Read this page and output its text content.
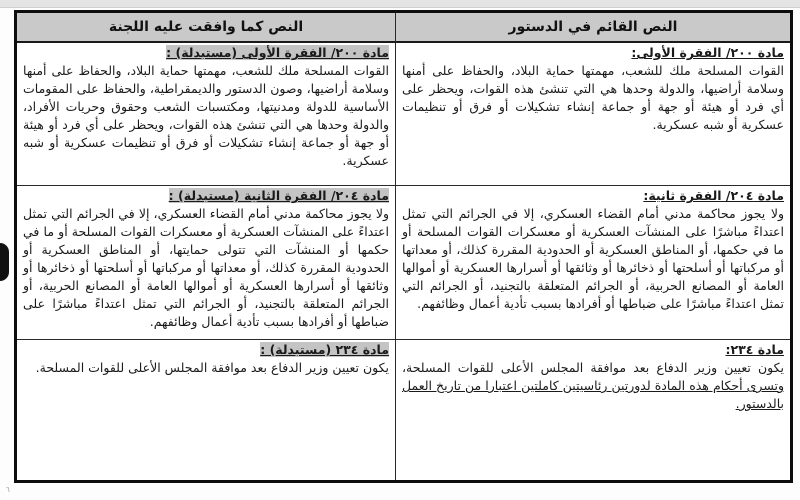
٦
النص القائم في الدستور
النص كما وافقت عليه اللجنة
مادة ٢٠٠/ الفقرة الأولى:
القوات المسلحة ملك للشعب، مهمتها حماية البلاد، والحفاظ على أمنها وسلامة أراضيها، والدولة وحدها هي التي تنشئ هذه القوات، ويحظر على أي فرد أو هيئة أو جهة أو جماعة إنشاء تشكيلات أو فرق أو تنظيمات عسكرية أو شبه عسكرية.
مادة ٢٠٠/ الفقرة الأولى (مستبدلة) :
القوات المسلحة ملك للشعب، مهمتها حماية البلاد، والحفاظ على أمنها وسلامة أراضيها، وصون الدستور والديمقراطية، والحفاظ على المقومات الأساسية للدولة ومدنيتها، ومكتسبات الشعب وحقوق وحريات الأفراد، والدولة وحدها هي التي تنشئ هذه القوات، ويحظر على أي فرد أو هيئة أو جهة أو جماعة إنشاء تشكيلات أو فرق أو تنظيمات عسكرية أو شبه عسكرية.
مادة ٢٠٤/ الفقرة ثانية:
ولا يجوز محاكمة مدني أمام القضاء العسكري، إلا في الجرائم التي تمثل اعتداءً مباشرًا على المنشآت العسكرية أو معسكرات القوات المسلحة أو ما في حكمها، أو المناطق العسكرية أو الحدودية المقررة كذلك، أو معداتها أو مركباتها أو أسلحتها أو ذخائرها أو وثائقها أو أسرارها العسكرية أو أموالها العامة أو المصانع الحربية، أو الجرائم المتعلقة بالتجنيد، أو الجرائم التي تمثل اعتداءً مباشرًا على ضباطها أو أفرادها بسبب تأدية أعمال وظائفهم.
مادة ٢٠٤/ الفقرة الثانية (مستبدلة) :
ولا يجوز محاكمة مدني أمام القضاء العسكري، إلا في الجرائم التي تمثل اعتداءً على المنشآت العسكرية أو معسكرات القوات المسلحة أو ما في حكمها أو المنشآت التي تتولى حمايتها، أو المناطق العسكرية أو الحدودية المقررة كذلك، أو معداتها أو مركباتها أو أسلحتها أو ذخائرها أو وثائقها أو أسرارها العسكرية أو أموالها العامة أو المصانع الحربية، أو الجرائم المتعلقة بالتجنيد، أو الجرائم التي تمثل اعتداءً مباشرًا على ضباطها أو أفرادها بسبب تأدية أعمال وظائفهم.
مادة ٢٣٤:
يكون تعيين وزير الدفاع بعد موافقة المجلس الأعلى للقوات المسلحة، وتسرى أحكام هذه المادة لدورتين رئاسيتين كاملتين اعتبارا من تاريخ العمل بالدستور.
مادة ٢٣٤ (مستبدلة) :
يكون تعيين وزير الدفاع بعد موافقة المجلس الأعلى للقوات المسلحة.
